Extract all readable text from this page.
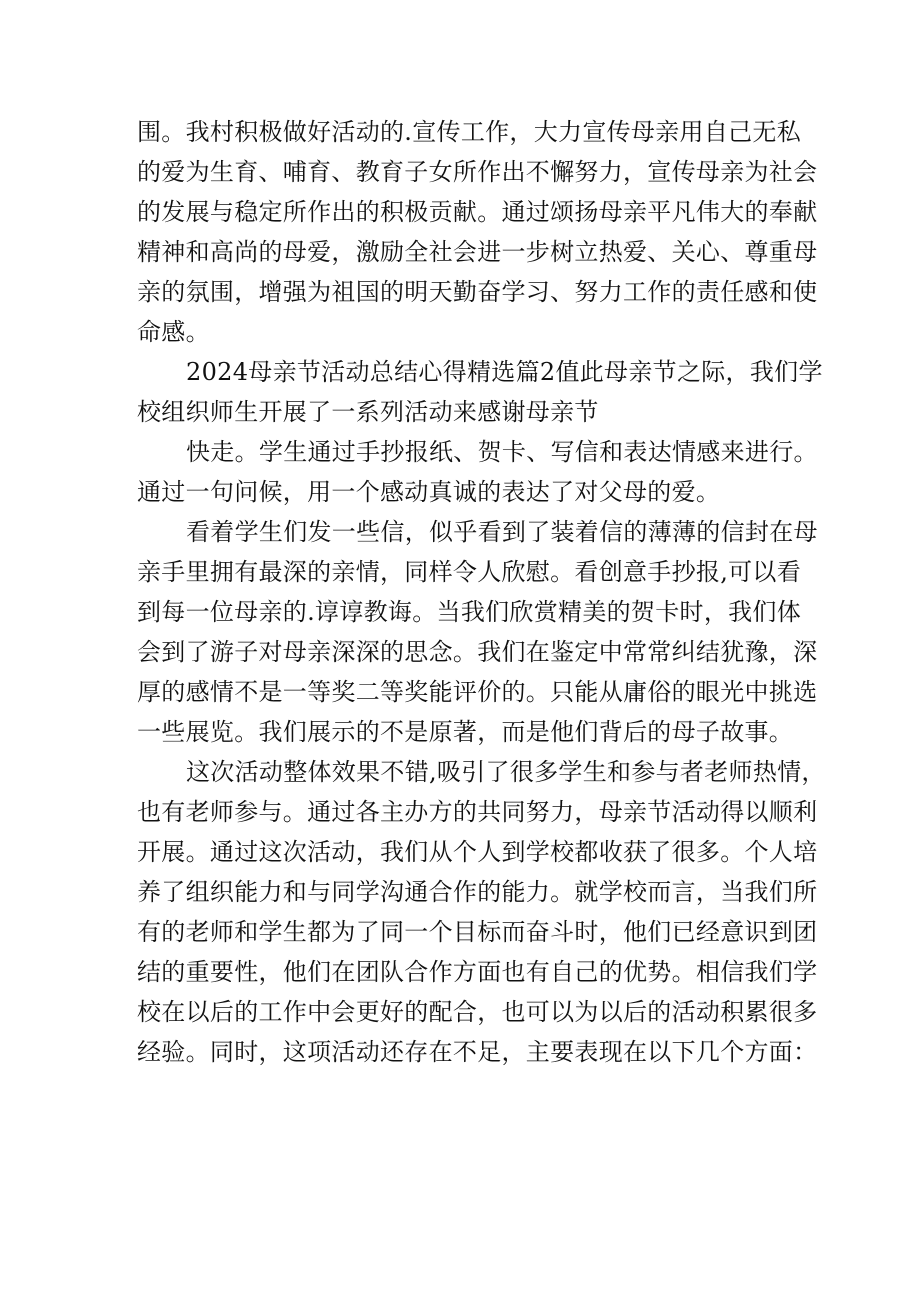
围。我村积极做好活动的.宣传工作，大力宣传母亲用自己无私
的爱为生育、哺育、教育子女所作出不懈努力，宣传母亲为社会
的发展与稳定所作出的积极贡献。通过颂扬母亲平凡伟大的奉献
精神和高尚的母爱，激励全社会进一步树立热爱、关心、尊重母
亲的氛围，增强为祖国的明天勤奋学习、努力工作的责任感和使
命感。
2024母亲节活动总结心得精选篇2值此母亲节之际，我们学
校组织师生开展了一系列活动来感谢母亲节
快走。学生通过手抄报纸、贺卡、写信和表达情感来进行。
通过一句问候，用一个感动真诚的表达了对父母的爱。
看着学生们发一些信，似乎看到了装着信的薄薄的信封在母
亲手里拥有最深的亲情，同样令人欣慰。看创意手抄报,可以看
到每一位母亲的.谆谆教诲。当我们欣赏精美的贺卡时，我们体
会到了游子对母亲深深的思念。我们在鉴定中常常纠结犹豫，深
厚的感情不是一等奖二等奖能评价的。只能从庸俗的眼光中挑选
一些展览。我们展示的不是原著，而是他们背后的母子故事。
这次活动整体效果不错,吸引了很多学生和参与者老师热情，
也有老师参与。通过各主办方的共同努力，母亲节活动得以顺利
开展。通过这次活动，我们从个人到学校都收获了很多。个人培
养了组织能力和与同学沟通合作的能力。就学校而言，当我们所
有的老师和学生都为了同一个目标而奋斗时，他们已经意识到团
结的重要性，他们在团队合作方面也有自己的优势。相信我们学
校在以后的工作中会更好的配合，也可以为以后的活动积累很多
经验。同时，这项活动还存在不足，主要表现在以下几个方面：
